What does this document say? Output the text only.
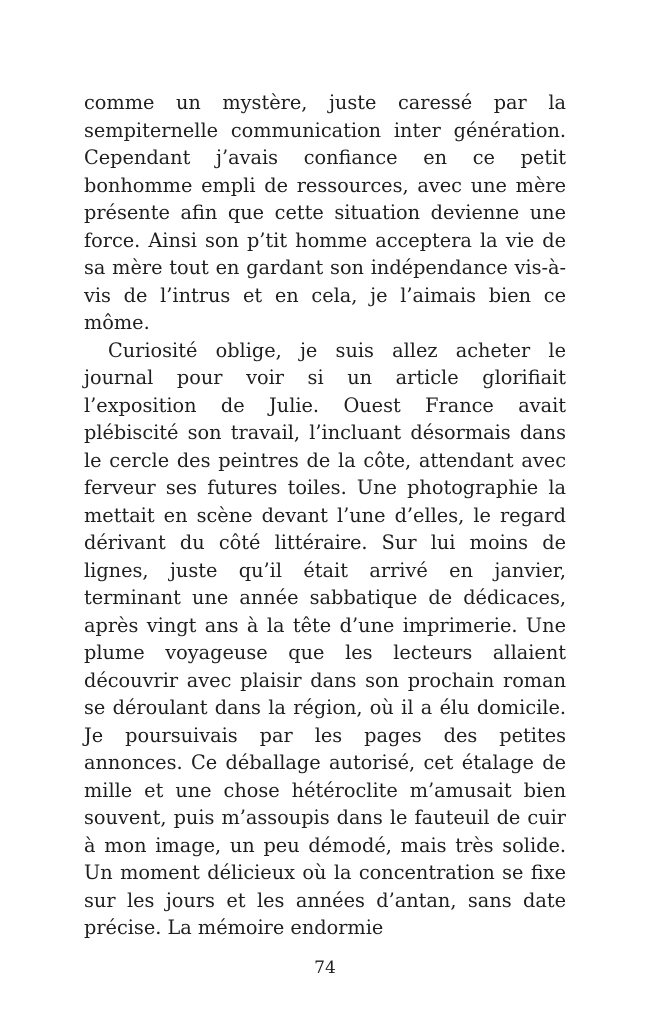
comme un mystère, juste caressé par la sempiternelle communication inter génération. Cependant j’avais confiance en ce petit bonhomme empli de ressources, avec une mère présente afin que cette situation devienne une force. Ainsi son p’tit homme acceptera la vie de sa mère tout en gardant son indépendance vis-à-vis de l’intrus et en cela, je l’aimais bien ce môme.

Curiosité oblige, je suis allez acheter le journal pour voir si un article glorifiait l’exposition de Julie. Ouest France avait plébiscité son travail, l’incluant désormais dans le cercle des peintres de la côte, attendant avec ferveur ses futures toiles. Une photographie la mettait en scène devant l’une d’elles, le regard dérivant du côté littéraire. Sur lui moins de lignes, juste qu’il était arrivé en janvier, terminant une année sabbatique de dédicaces, après vingt ans à la tête d’une imprimerie. Une plume voyageuse que les lecteurs allaient découvrir avec plaisir dans son prochain roman se déroulant dans la région, où il a élu domicile. Je poursuivais par les pages des petites annonces. Ce déballage autorisé, cet étalage de mille et une chose hétéroclite m’amusait bien souvent, puis m’assoupis dans le fauteuil de cuir à mon image, un peu démodé, mais très solide. Un moment délicieux où la concentration se fixe sur les jours et les années d’antan, sans date précise. La mémoire endormie

74
